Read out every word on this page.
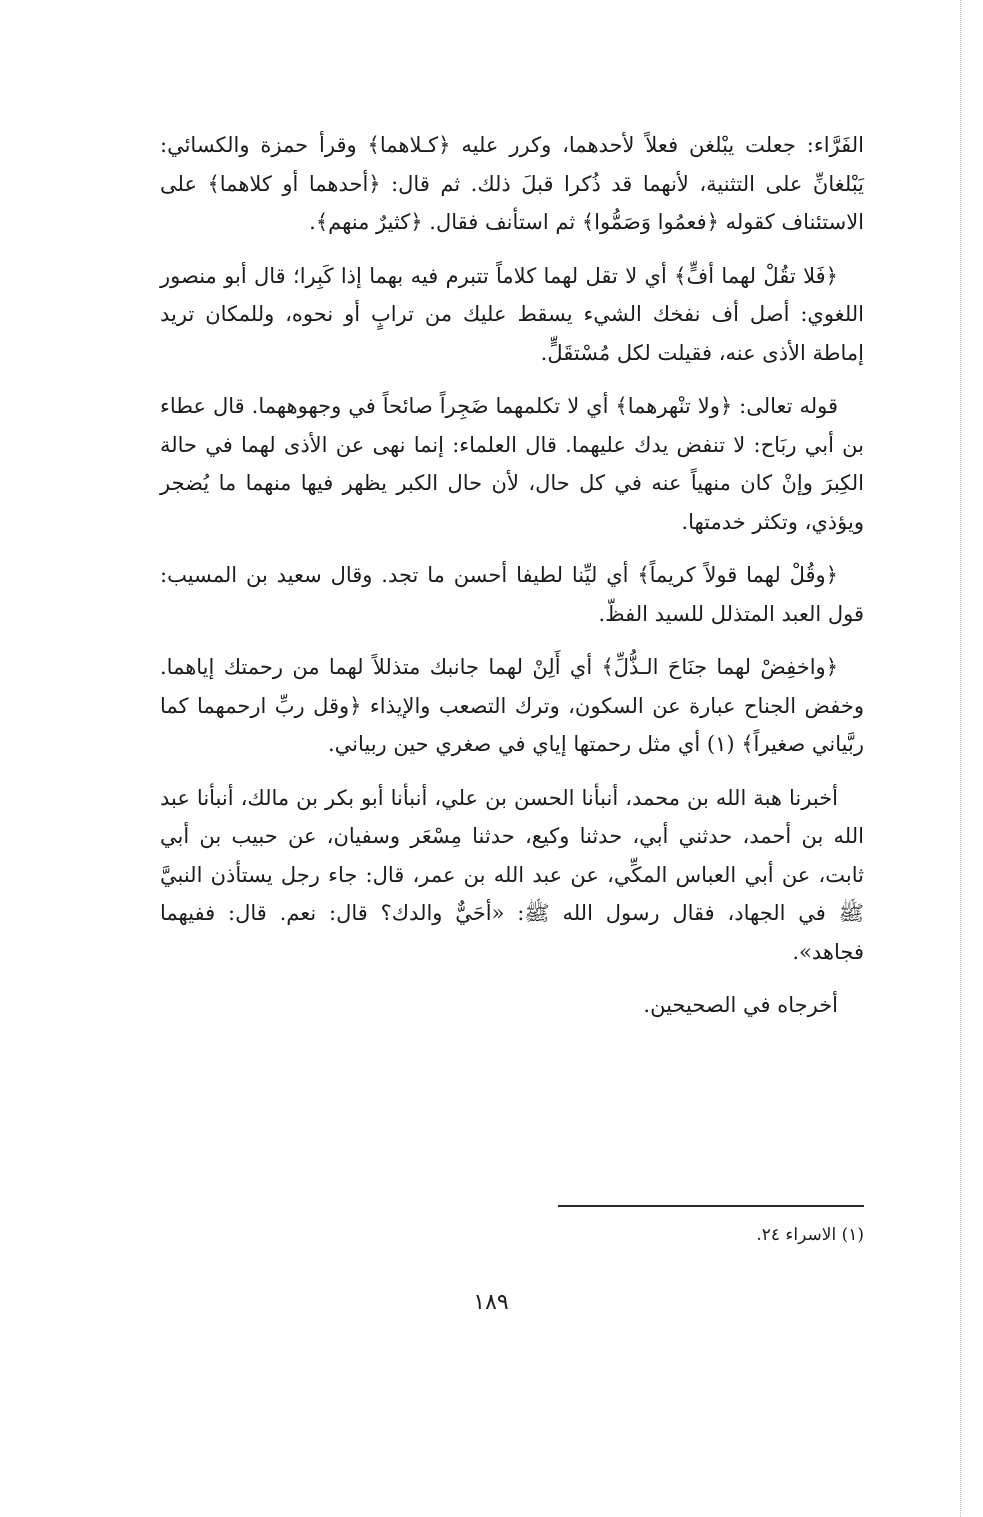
الفَرَّاء: جعلت يبْلغن فعلاً لأحدهما، وكرر عليه ﴿كـلاهما﴾ وقرأ حمزة والكسائي: يَبْلغانِّ على التثنية، لأنهما قد ذُكرا قبلَ ذلك. ثم قال: ﴿أحدهما أو كلاهما﴾ على الاستئناف كقوله ﴿فعمُوا وَصَمُّوا﴾ ثم استأنف فقال. ﴿كثيرٌ منهم﴾.

﴿فَلا تقُلْ لهما أفٍّ﴾ أي لا تقل لهما كلاماً تتبرم فيه بهما إذا كَبِرا؛ قال أبو منصور اللغوي: أصل أف نفخك الشيء يسقط عليك من ترابٍ أو نحوه، وللمكان تريد إماطة الأذى عنه، فقيلت لكل مُسْتقَلٍّ.

قوله تعالى: ﴿ولا تنْهرهما﴾ أي لا تكلمهما ضَجِراً صائحاً في وجهوههما. قال عطاء بن أبي ربَاح: لا تنفض يدك عليهما. قال العلماء: إنما نهى عن الأذى لهما في حالة الكِبرَ وإنْ كان منهياً عنه في كل حال، لأن حال الكبر يظهر فيها منهما ما يُضجر ويؤذي، وتكثر خدمتها.

﴿وقُلْ لهما قولاً كريماً﴾ أي ليِّنا لطيفا أحسن ما تجد. وقال سعيد بن المسيب: قول العبد المتذلل للسيد الفظّ.

﴿واخفِضْ لهما جنَاحَ الـذُّلِّ﴾ أي أَلِنْ لهما جانبك متذللاً لهما من رحمتك إياهما. وخفض الجناح عبارة عن السكون، وترك التصعب والإيذاء ﴿وقل ربِّ ارحمهما كما ربَّياني صغيراً﴾ (١) أي مثل رحمتها إياي في صغري حين ربياني.

أخبرنا هبة الله بن محمد، أنبأنا الحسن بن علي، أنبأنا أبو بكر بن مالك، أنبأنا عبد الله بن أحمد، حدثني أبي، حدثنا وكيع، حدثنا مِسْعَر وسفيان، عن حبيب بن أبي ثابت، عن أبي العباس المكِّي، عن عبد الله بن عمر، قال: جاء رجل يستأذن النبيَّ ﷺ في الجهاد، فقال رسول الله ﷺ: «أحَيٌّ والدك؟ قال: نعم. قال: ففيهما فجاهد».

أخرجاه في الصحيحين.

(١) الاسراء ٢٤.
١٨٩
